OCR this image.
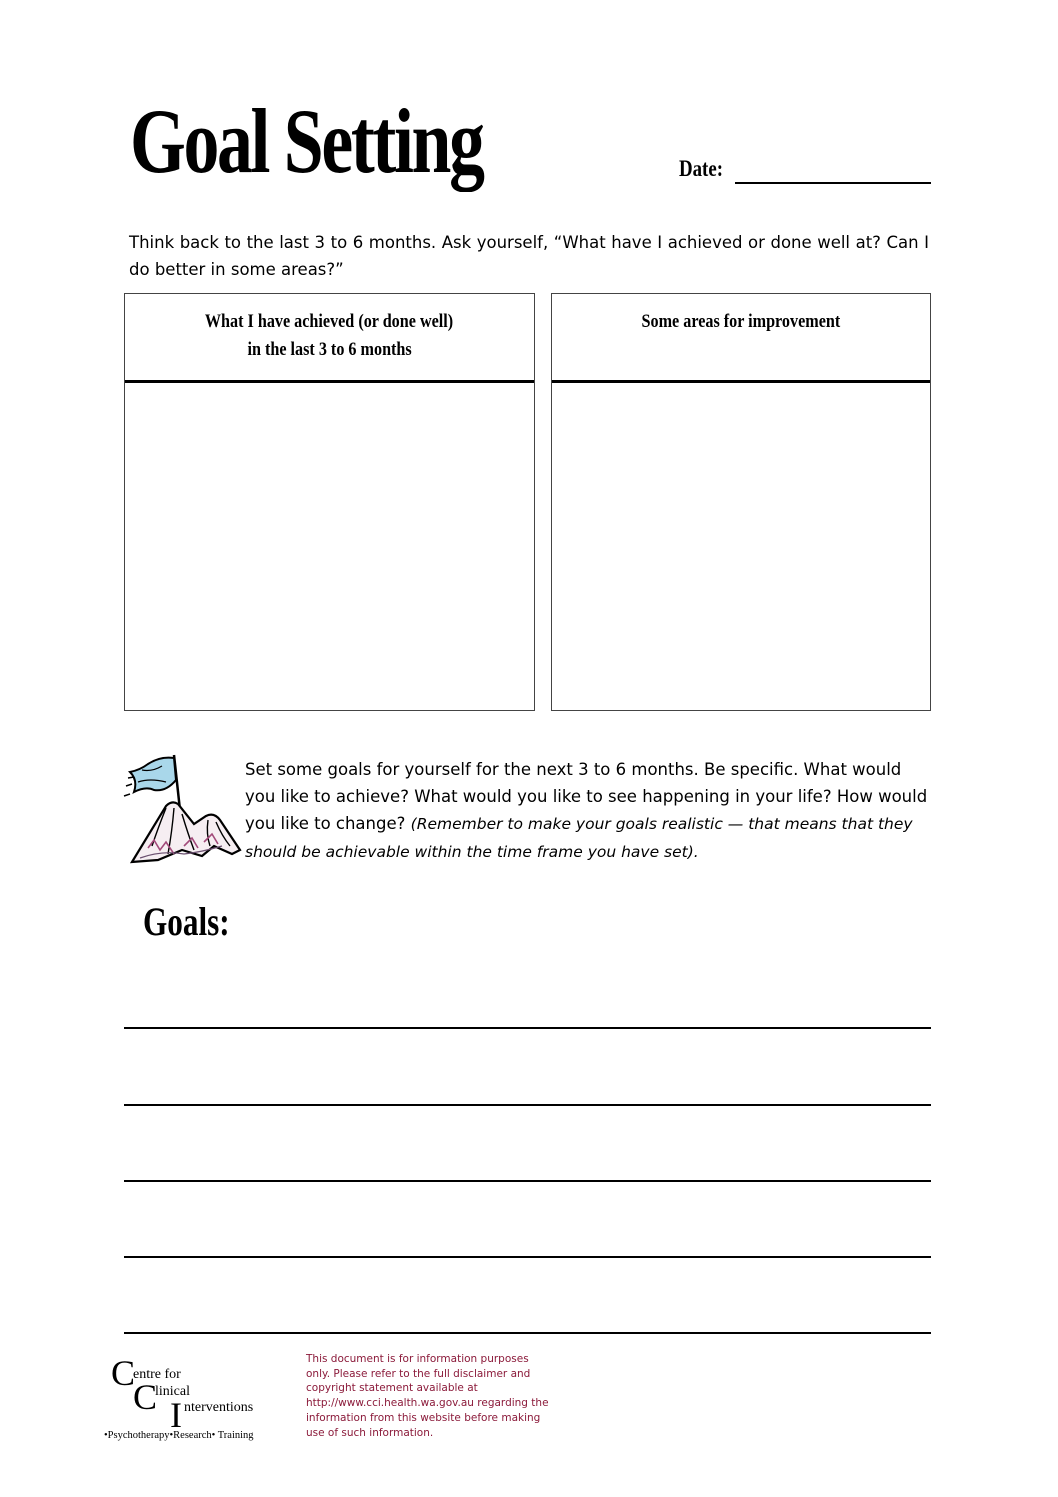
Goal Setting	Date:
Think back to the last 3 to 6 months. Ask yourself, “What have I achieved or done well at? Can I do better in some areas?”
What I have achieved (or done well)
in the last 3 to 6 months
Some areas for improvement
Set some goals for yourself for the next 3 to 6 months. Be specific. What would you like to achieve? What would you like to see happening in your life? How would you like to change? (Remember to make your goals realistic — that means that they should be achievable within the time frame you have set).
Goals:
C
entre for
C
linical
I nterventions
•Psychotherapy•Research• Training
This document is for information purposes only. Please refer to the full disclaimer and copyright statement available at http://www.cci.health.wa.gov.au regarding the information from this website before making use of such information.
